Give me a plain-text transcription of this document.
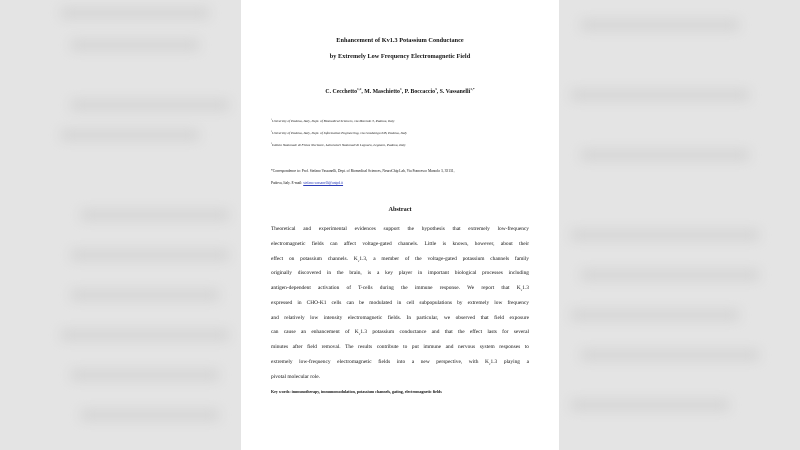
Enhancement of Kv1.3 Potassium Conductance
by Extremely Low Frequency Electromagnetic Field
C. Cecchetto$^{1,2}$, M. Maschietto$^1$, P. Boccaccio$^3$, S. Vassanelli$^{1,*}$
$^1$University of Padova, Italy, Dept. of Biomedical Sciences, via Marzolo 3, Padova, Italy
$^2$University of Padova, Italy, Dept. of Information Engineering, via Gradenigo 6/B, Padova, Italy
$^3$Istituto Nazionale di Fisica Nucleare, Laboratori Nazionali di Legnaro, Legnaro, Padova, Italy
*Correspondence to: Prof. Stefano Vassanelli, Dept. of Biomedical Sciences, NeuroChip Lab, Via Francesco Marzolo 3, 35131,
Padova, Italy. E-mail: stefano.vassanelli@unipd.it
Abstract
Theoretical and experimental evidences support the hypothesis that extremely low-frequency
electromagnetic fields can affect voltage-gated channels. Little is known, however, about their
effect on potassium channels. $K_v1.3$, a member of the voltage-gated potassium channels family
originally discovered in the brain, is a key player in important biological processes including
antigen-dependent activation of T-cells during the immune response. We report that $K_v1.3$
expressed in CHO-K1 cells can be modulated in cell subpopulations by extremely low frequency
and relatively low intensity electromagnetic fields. In particular, we observed that field exposure
can cause an enhancement of $K_v1.3$ potassium conductance and that the effect lasts for several
minutes after field removal. The results contribute to put immune and nervous system responses to
extremely low-frequency electromagnetic fields into a new perspective, with $K_v1.3$ playing a
pivotal molecular role.
Key words: immunotherapy, immunomodulation, potassium channels, gating, electromagnetic fields
